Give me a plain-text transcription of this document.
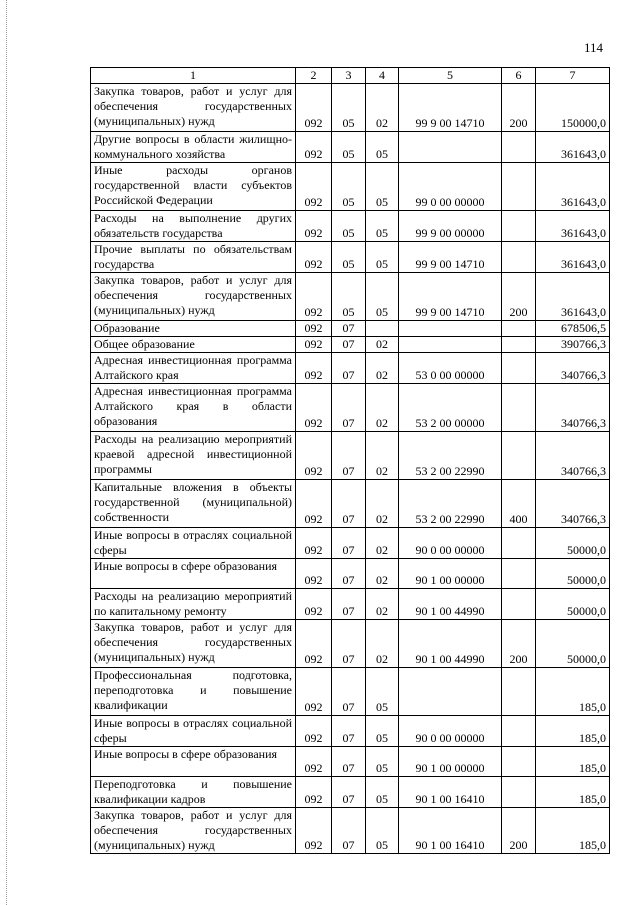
114
1	2	3	4	5	6	7
Закупка товаров, работ и услуг для обеспечения государственных (муниципальных) нужд	092	05	02	99 9 00 14710	200	150000,0
Другие вопросы в области жилищно-коммунального хозяйства	092	05	05			361643,0
Иные расходы органов государственной власти субъектов Российской Федерации	092	05	05	99 0 00 00000		361643,0
Расходы на выполнение других обязательств государства	092	05	05	99 9 00 00000		361643,0
Прочие выплаты по обязательствам государства	092	05	05	99 9 00 14710		361643,0
Закупка товаров, работ и услуг для обеспечения государственных (муниципальных) нужд	092	05	05	99 9 00 14710	200	361643,0
Образование	092	07				678506,5
Общее образование	092	07	02			390766,3
Адресная инвестиционная программа Алтайского края	092	07	02	53 0 00 00000		340766,3
Адресная инвестиционная программа Алтайского края в области образования	092	07	02	53 2 00 00000		340766,3
Расходы на реализацию мероприятий краевой адресной инвестиционной программы	092	07	02	53 2 00 22990		340766,3
Капитальные вложения в объекты государственной (муниципальной) собственности	092	07	02	53 2 00 22990	400	340766,3
Иные вопросы в отраслях социальной сферы	092	07	02	90 0 00 00000		50000,0
Иные вопросы в сфере образования	092	07	02	90 1 00 00000		50000,0
Расходы на реализацию мероприятий по капитальному ремонту	092	07	02	90 1 00 44990		50000,0
Закупка товаров, работ и услуг для обеспечения государственных (муниципальных) нужд	092	07	02	90 1 00 44990	200	50000,0
Профессиональная подготовка, переподготовка и повышение квалификации	092	07	05			185,0
Иные вопросы в отраслях социальной сферы	092	07	05	90 0 00 00000		185,0
Иные вопросы в сфере образования	092	07	05	90 1 00 00000		185,0
Переподготовка и повышение квалификации кадров	092	07	05	90 1 00 16410		185,0
Закупка товаров, работ и услуг для обеспечения государственных (муниципальных) нужд	092	07	05	90 1 00 16410	200	185,0
